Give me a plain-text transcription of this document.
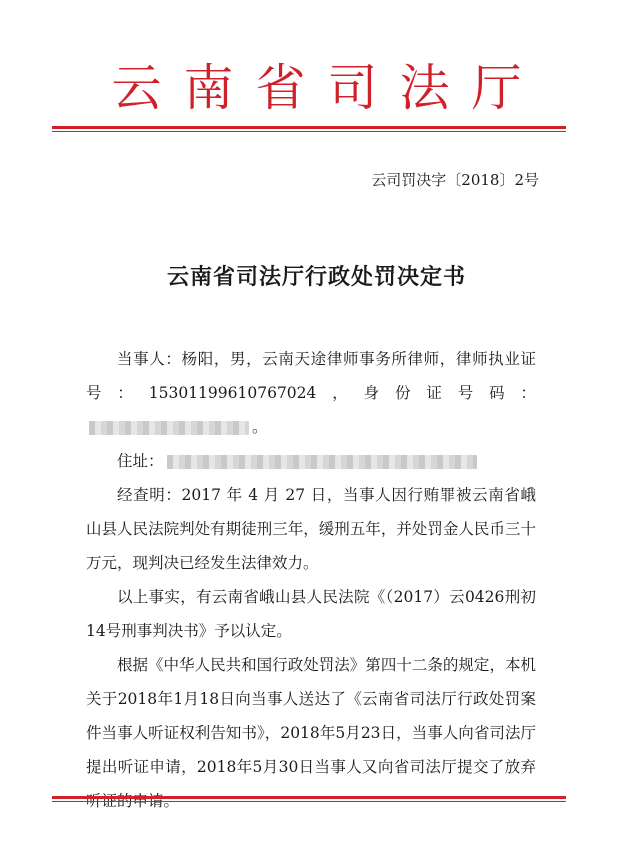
云南省司法厅
云司罚决字〔2018〕2号
云南省司法厅行政处罚决定书

当事人：杨阳，男，云南天途律师事务所律师，律师执业证号：15301199610767024，身份证号码：。

住址：

经查明：2017 年 4 月 27 日，当事人因行贿罪被云南省峨山县人民法院判处有期徒刑三年，缓刑五年，并处罚金人民币三十万元，现判决已经发生法律效力。

以上事实，有云南省峨山县人民法院《（2017）云0426刑初14号刑事判决书》予以认定。

根据《中华人民共和国行政处罚法》第四十二条的规定，本机关于2018年1月18日向当事人送达了《云南省司法厅行政处罚案件当事人听证权利告知书》，2018年5月23日，当事人向省司法厅提出听证申请，2018年5月30日当事人又向省司法厅提交了放弃
